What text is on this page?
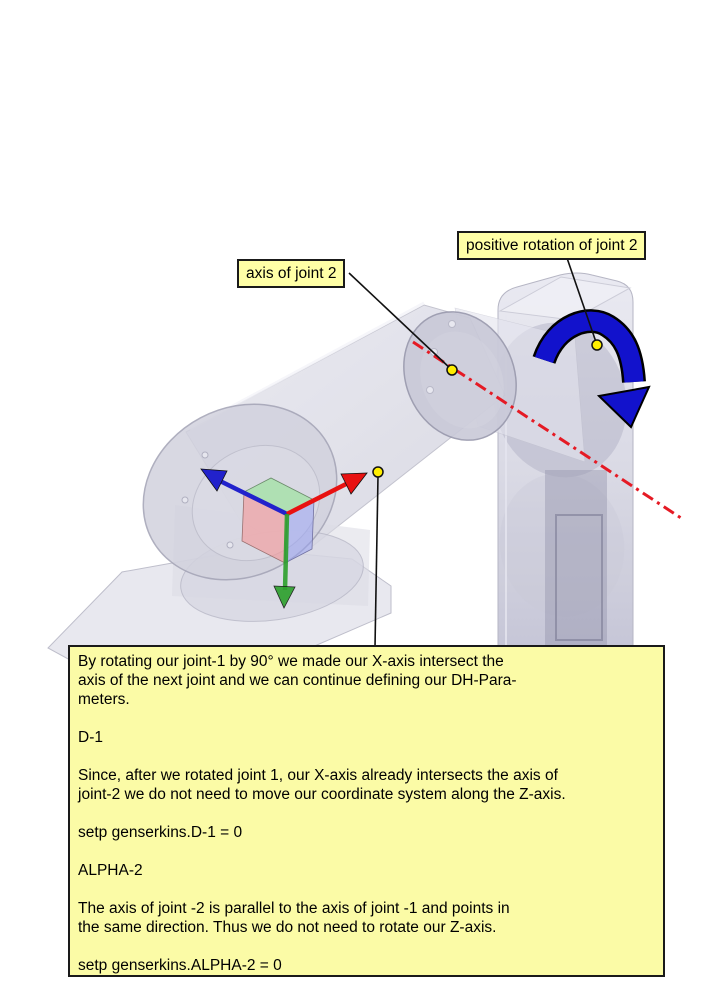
axis of joint 2
positive rotation of joint 2
By rotating our joint-1 by 90° we made our X-axis intersect the
axis of the next joint and we can continue defining our DH-Para-
meters.
D-1
Since, after we rotated joint 1, our X-axis already intersects the axis of
joint-2 we do not need to move our coordinate system along the Z-axis.
setp genserkins.D-1 = 0
ALPHA-2
The axis of joint -2 is parallel to the axis of joint -1 and points in
the same direction. Thus we do not need to rotate our Z-axis.
setp genserkins.ALPHA-2 = 0
